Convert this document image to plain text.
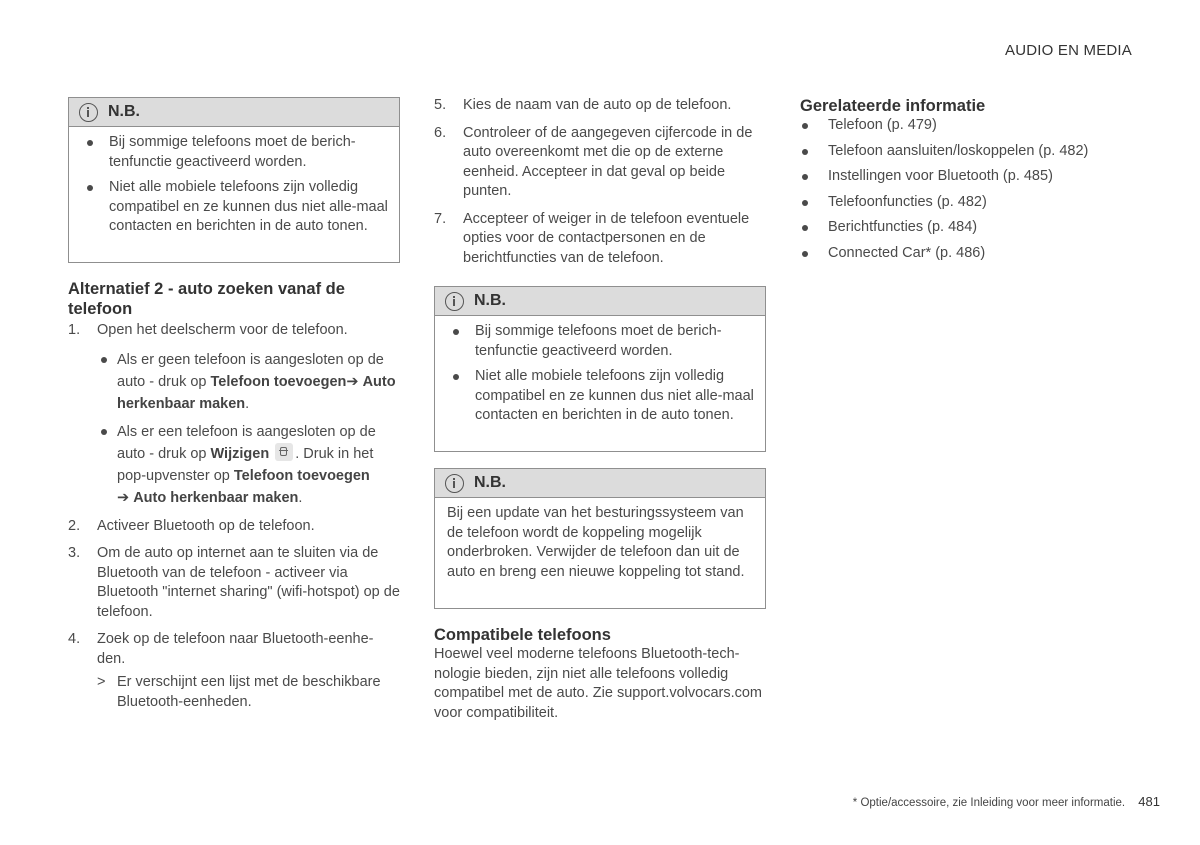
AUDIO EN MEDIA
N.B.
Bij sommige telefoons moet de berich-tenfunctie geactiveerd worden.
Niet alle mobiele telefoons zijn volledig compatibel en ze kunnen dus niet alle-maal contacten en berichten in de auto tonen.
Alternatief 2 - auto zoeken vanaf de telefoon
1. Open het deelscherm voor de telefoon.
Als er geen telefoon is aangesloten op de auto - druk op Telefoon toevoegen➔ Auto herkenbaar maken.
Als er een telefoon is aangesloten op de auto - druk op Wijzigen . Druk in het pop-upvenster op Telefoon toevoegen
➔ Auto herkenbaar maken.
2. Activeer Bluetooth op de telefoon.
3. Om de auto op internet aan te sluiten via de Bluetooth van de telefoon - activeer via Bluetooth "internet sharing" (wifi-hotspot) op de telefoon.
4. Zoek op de telefoon naar Bluetooth-eenhe-den.
> Er verschijnt een lijst met de beschikbare Bluetooth-eenheden.
5. Kies de naam van de auto op de telefoon.
6. Controleer of de aangegeven cijfercode in de auto overeenkomt met die op de externe eenheid. Accepteer in dat geval op beide punten.
7. Accepteer of weiger in de telefoon eventuele opties voor de contactpersonen en de berichtfuncties van de telefoon.
N.B.
Bij sommige telefoons moet de berich-tenfunctie geactiveerd worden.
Niet alle mobiele telefoons zijn volledig compatibel en ze kunnen dus niet alle-maal contacten en berichten in de auto tonen.
N.B.
Bij een update van het besturingssysteem van de telefoon wordt de koppeling mogelijk onderbroken. Verwijder de telefoon dan uit de auto en breng een nieuwe koppeling tot stand.
Compatibele telefoons
Hoewel veel moderne telefoons Bluetooth-tech-nologie bieden, zijn niet alle telefoons volledig compatibel met de auto. Zie support.volvocars.com voor compatibiliteit.
Gerelateerde informatie
Telefoon (p. 479)
Telefoon aansluiten/loskoppelen (p. 482)
Instellingen voor Bluetooth (p. 485)
Telefoonfuncties (p. 482)
Berichtfuncties (p. 484)
Connected Car* (p. 486)
* Optie/accessoire, zie Inleiding voor meer informatie. 481
